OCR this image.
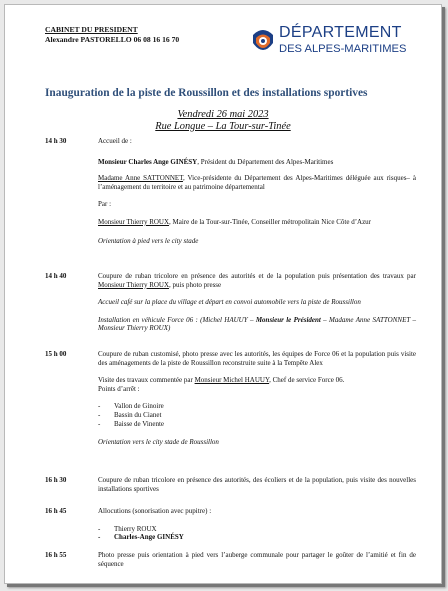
CABINET DU PRESIDENT
Alexandre PASTORELLO 06 08 16 16 70	DÉPARTEMENT
DES ALPES-MARITIMES
Inauguration de la piste de Roussillon et des installations sportives
Vendredi 26 mai 2023
Rue Longue – La Tour-sur-Tinée
14 h 30	Accueil de :

Monsieur Charles Ange GINÉSY, Président du Département des Alpes-Maritimes

Madame Anne SATTONNET, Vice-présidente du Département des Alpes-Maritimes déléguée aux risques– à l’aménagement du territoire et au patrimoine départemental

Par :

Monsieur Thierry ROUX, Maire de la Tour-sur-Tinée, Conseiller métropolitain Nice Côte d’Azur

Orientation à pied vers le city stade

14 h 40	Coupure de ruban tricolore en présence des autorités et de la population puis présentation des travaux par Monsieur Thierry ROUX, puis photo presse

Accueil café sur la place du village et départ en convoi automobile vers la piste de Roussillon

Installation en véhicule Force 06 : (Michel HAUUY – Monsieur le Président – Madame Anne SATTONNET – Monsieur Thierry ROUX)

15 h 00	Coupure de ruban customisé, photo presse avec les autorités, les équipes de Force 06 et la population puis visite des aménagements de la piste de Roussillon reconstruite suite à la Tempête Alex

Visite des travaux commentée par Monsieur Michel HAUUY, Chef de service Force 06.

Points d’arrêt :

- Vallon de Ginoire
- Bassin du Cianet
- Baisse de Vinente

Orientation vers le city stade de Roussillon

16 h 30	Coupure de ruban tricolore en présence des autorités, des écoliers et de la population, puis visite des nouvelles installations sportives

16 h 45	Allocutions (sonorisation avec pupitre) :

- Thierry ROUX
- Charles-Ange GINÉSY
16 h 55	Photo presse puis orientation à pied vers l’auberge communale pour partager le goûter de l’amitié et fin de séquence
